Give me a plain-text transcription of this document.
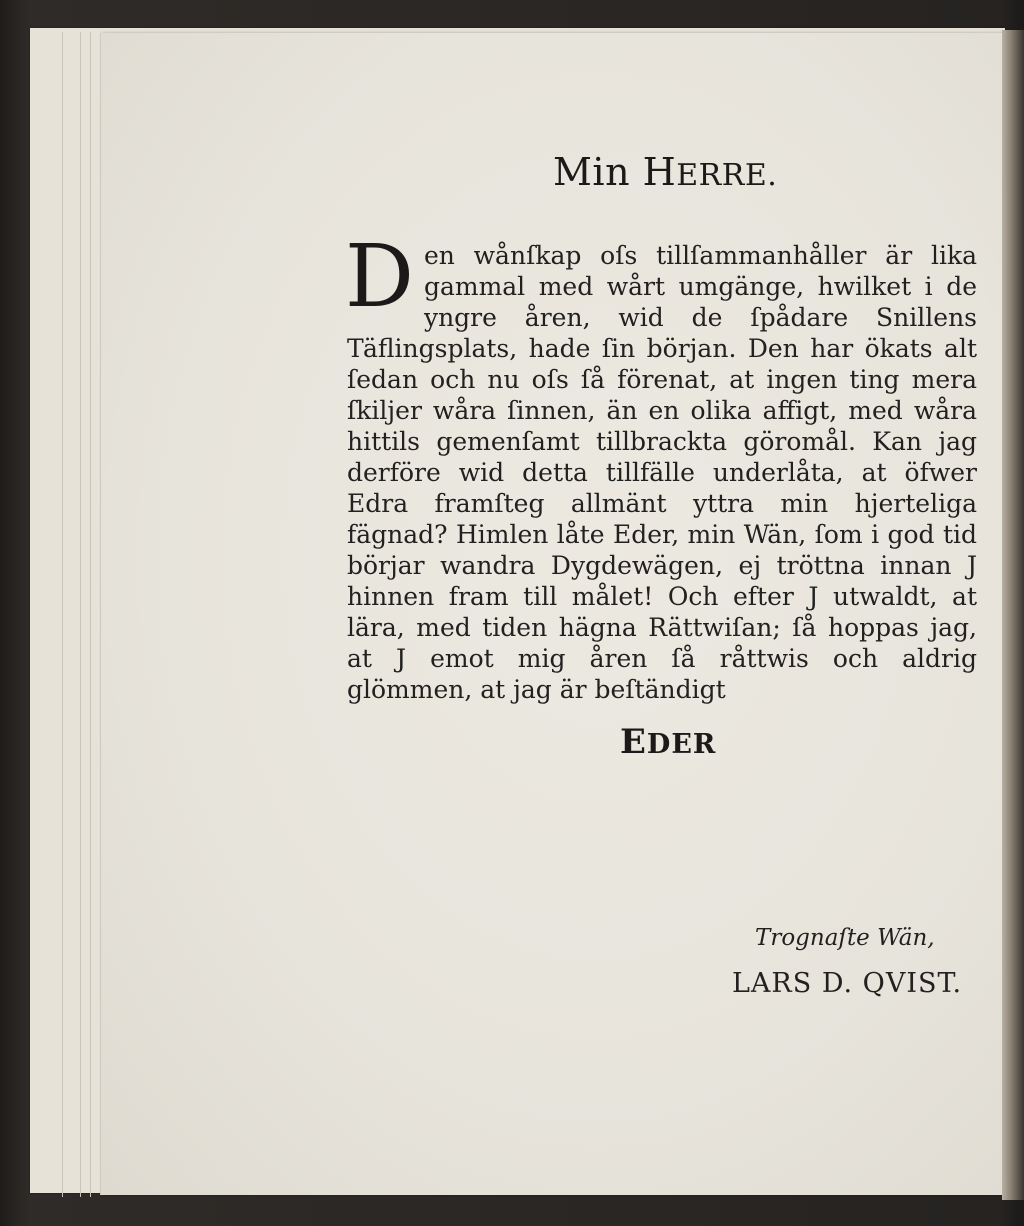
Min HERRE.

Den wånſkap oſs tillſammanhåller är lika gammal med wårt umgänge, hwilket i de yngre åren, wid de ſpådare Snillens Täflingsplats, hade ſin början. Den har ökats alt ſedan och nu oſs ſå förenat, at ingen ting mera ſkiljer wåra ſinnen, än en olika affigt, med wåra hittils gemenſamt tillbrackta göromål. Kan jag derföre wid detta tillfälle underlåta, at öfwer Edra framſteg allmänt yttra min hjerteliga fägnad? Himlen låte Eder, min Wän, ſom i god tid börjar wandra Dygdewägen, ej tröttna innan J hinnen fram till målet! Och efter J utwaldt, at lära, med tiden hägna Rättwiſan; ſå hoppas jag, at J emot mig åren ſå råttwis och aldrig glömmen, at jag är beſtändigt

EDER
Trognaſte Wän,
LARS D. QVIST.
